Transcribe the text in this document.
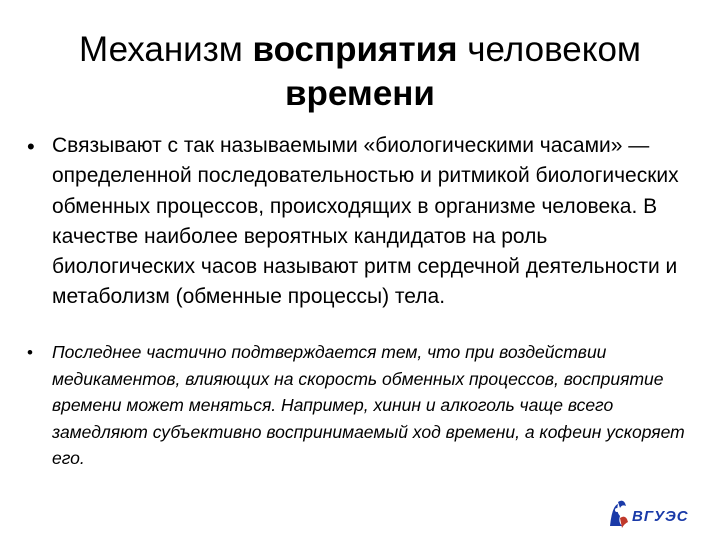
Механизм восприятия человеком
времени
• Связывают с так называемыми «биологическими часами» — определенной последовательностью и ритмикой биологических обменных процессов, происходящих в организме человека. В качестве наиболее вероятных кандидатов на роль биологических часов называют ритм сердечной деятельности и метаболизм (обменные процессы) тела.
• Последнее частично подтверждается тем, что при воздействии медикаментов, влияющих на скорость обменных процессов, восприятие времени может меняться. Например, хинин и алкоголь чаще всего замедляют субъективно воспринимаемый ход времени, а кофеин ускоряет его.
ВГУЭС
